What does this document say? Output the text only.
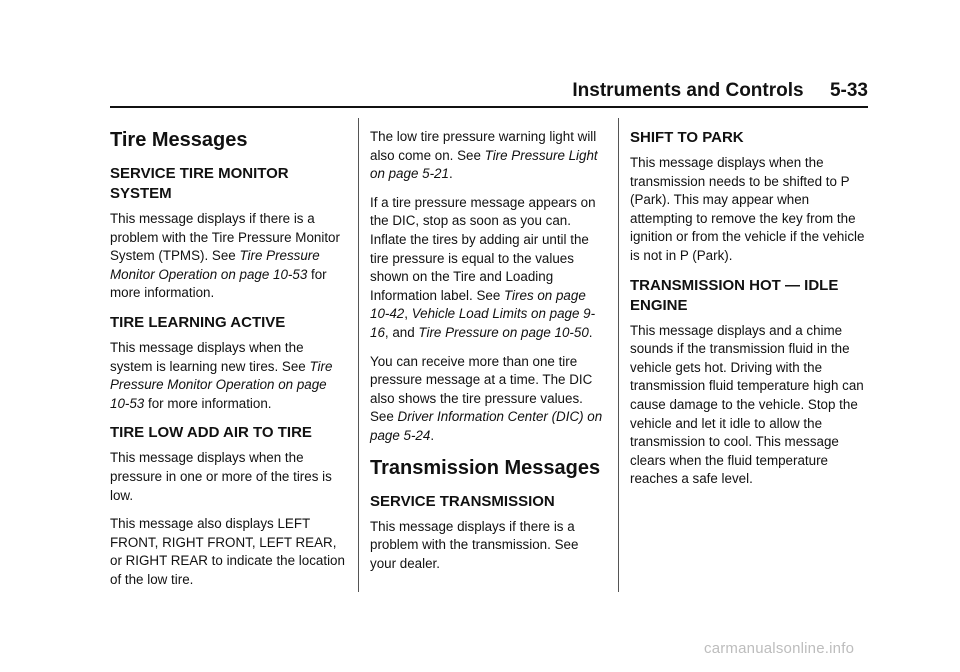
Instruments and Controls     5-33
Tire Messages
SERVICE TIRE MONITOR SYSTEM

This message displays if there is a problem with the Tire Pressure Monitor System (TPMS). See Tire Pressure Monitor Operation on page 10-53 for more information.

TIRE LEARNING ACTIVE

This message displays when the system is learning new tires. See Tire Pressure Monitor Operation on page 10-53 for more information.

TIRE LOW ADD AIR TO TIRE

This message displays when the pressure in one or more of the tires is low.

This message also displays LEFT FRONT, RIGHT FRONT, LEFT REAR, or RIGHT REAR to indicate the location of the low tire.

The low tire pressure warning light will also come on. See Tire Pressure Light on page 5-21.

If a tire pressure message appears on the DIC, stop as soon as you can. Inflate the tires by adding air until the tire pressure is equal to the values shown on the Tire and Loading Information label. See Tires on page 10-42, Vehicle Load Limits on page 9-16, and Tire Pressure on page 10-50.

You can receive more than one tire pressure message at a time. The DIC also shows the tire pressure values. See Driver Information Center (DIC) on page 5-24.

Transmission Messages
SERVICE TRANSMISSION

This message displays if there is a problem with the transmission. See your dealer.

SHIFT TO PARK

This message displays when the transmission needs to be shifted to P (Park). This may appear when attempting to remove the key from the ignition or from the vehicle if the vehicle is not in P (Park).

TRANSMISSION HOT — IDLE ENGINE

This message displays and a chime sounds if the transmission fluid in the vehicle gets hot. Driving with the transmission fluid temperature high can cause damage to the vehicle. Stop the vehicle and let it idle to allow the transmission to cool. This message clears when the fluid temperature reaches a safe level.

carmanualsonline.info
